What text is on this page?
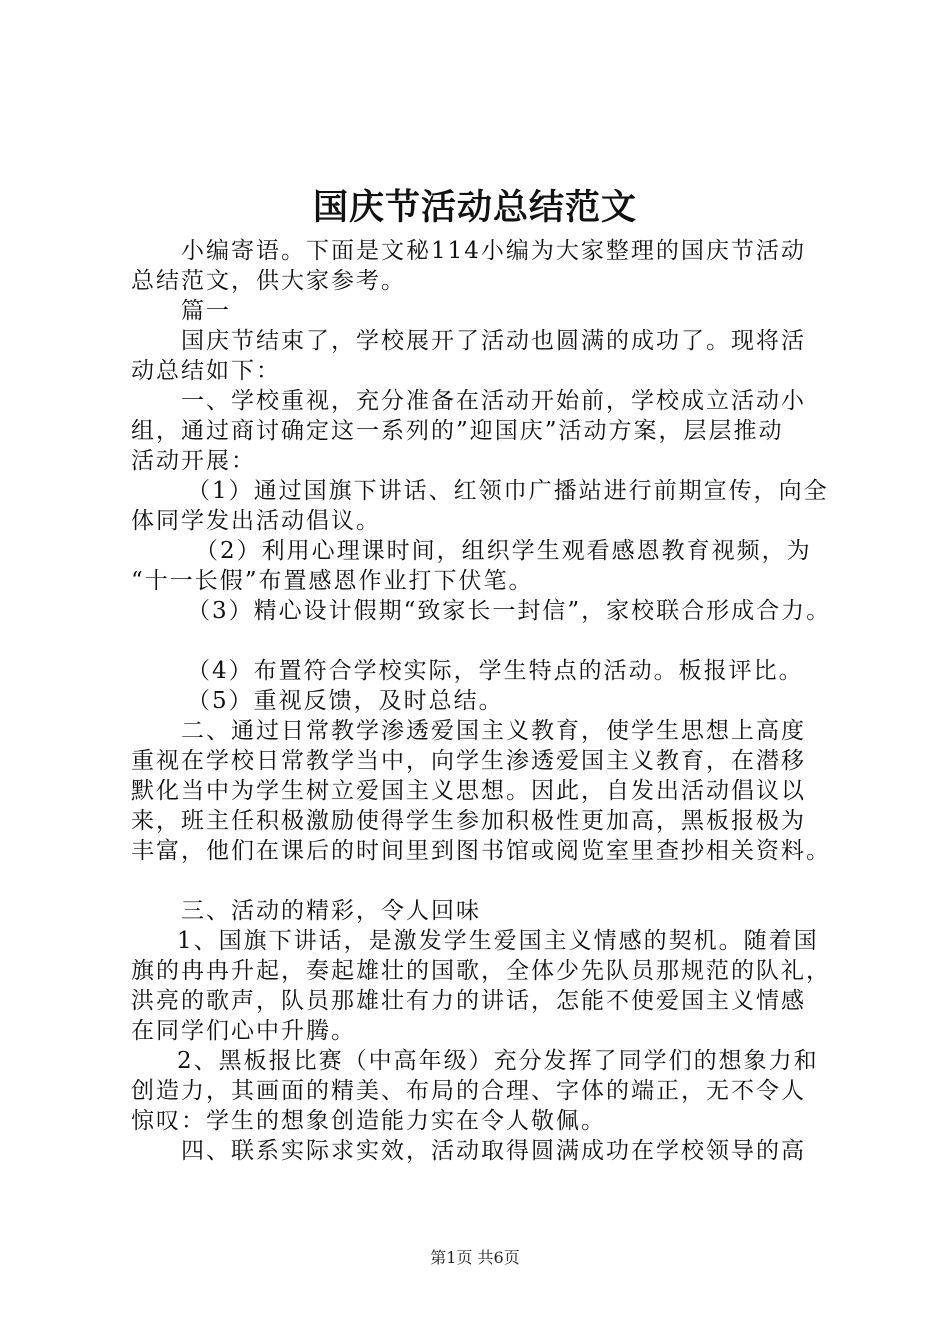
国庆节活动总结范文
小编寄语。下面是文秘114小编为大家整理的国庆节活动
总结范文，供大家参考。
篇一
国庆节结束了，学校展开了活动也圆满的成功了。现将活
动总结如下：
一、学校重视，充分准备在活动开始前，学校成立活动小
组，通过商讨确定这一系列的”迎国庆”活动方案，层层推动
活动开展：
（1）通过国旗下讲话、红领巾广播站进行前期宣传，向全
体同学发出活动倡议。
（2）利用心理课时间，组织学生观看感恩教育视频，为
“十一长假”布置感恩作业打下伏笔。
（3）精心设计假期“致家长一封信”，家校联合形成合力。
（4）布置符合学校实际，学生特点的活动。板报评比。
（5）重视反馈，及时总结。
二、通过日常教学渗透爱国主义教育，使学生思想上高度
重视在学校日常教学当中，向学生渗透爱国主义教育，在潜移
默化当中为学生树立爱国主义思想。因此，自发出活动倡议以
来，班主任积极激励使得学生参加积极性更加高，黑板报极为
丰富，他们在课后的时间里到图书馆或阅览室里查抄相关资料。
三、活动的精彩，令人回味
1、国旗下讲话，是激发学生爱国主义情感的契机。随着国
旗的冉冉升起，奏起雄壮的国歌，全体少先队员那规范的队礼，
洪亮的歌声，队员那雄壮有力的讲话，怎能不使爱国主义情感
在同学们心中升腾。
2、黑板报比赛（中高年级）充分发挥了同学们的想象力和
创造力，其画面的精美、布局的合理、字体的端正，无不令人
惊叹：学生的想象创造能力实在令人敬佩。
四、联系实际求实效，活动取得圆满成功在学校领导的高
第1页 共6页
